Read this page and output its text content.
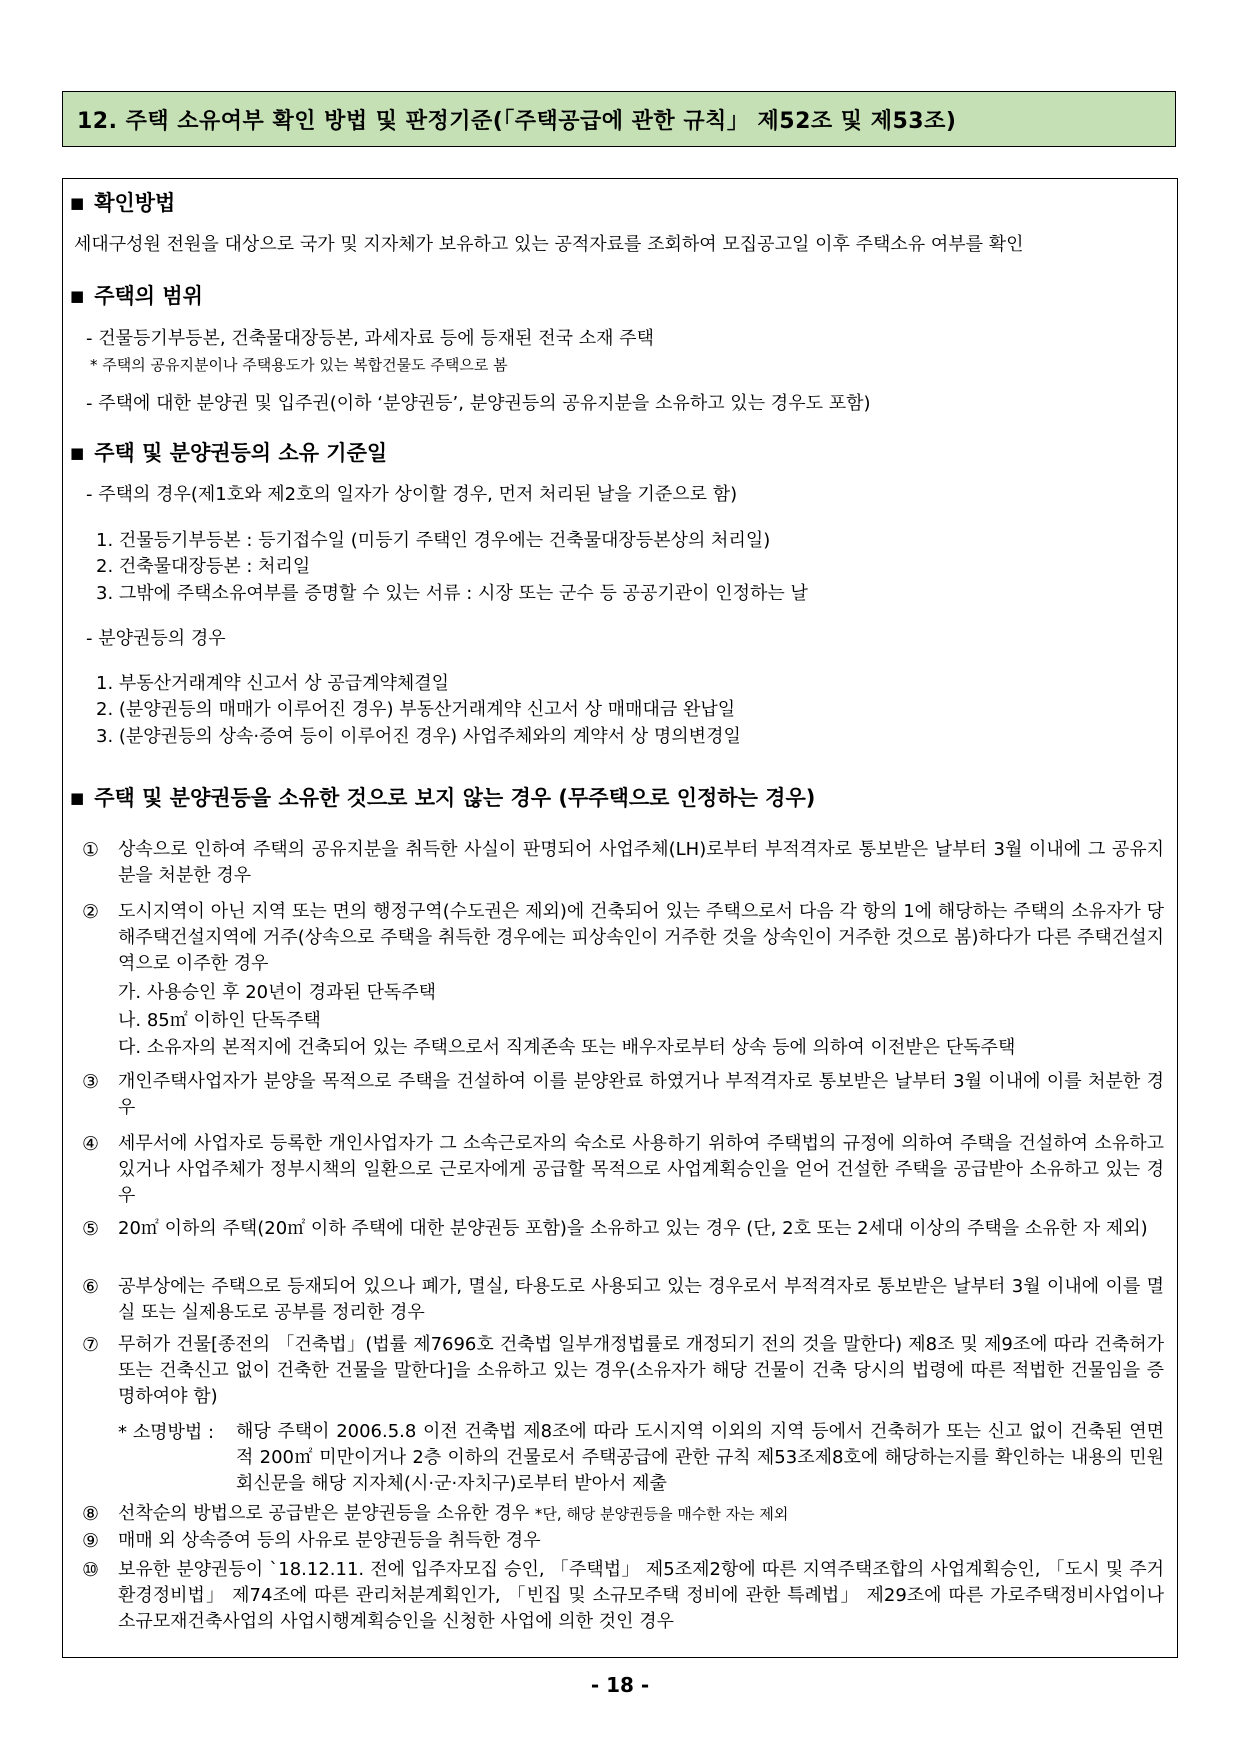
12. 주택 소유여부 확인 방법 및 판정기준(「주택공급에 관한 규칙」 제52조 및 제53조)
■ 확인방법
세대구성원 전원을 대상으로 국가 및 지자체가 보유하고 있는 공적자료를 조회하여 모집공고일 이후 주택소유 여부를 확인
■ 주택의 범위
- 건물등기부등본, 건축물대장등본, 과세자료 등에 등재된 전국 소재 주택
* 주택의 공유지분이나 주택용도가 있는 복합건물도 주택으로 봄
- 주택에 대한 분양권 및 입주권(이하 ‘분양권등’, 분양권등의 공유지분을 소유하고 있는 경우도 포함)
■ 주택 및 분양권등의 소유 기준일
- 주택의 경우(제1호와 제2호의 일자가 상이할 경우, 먼저 처리된 날을 기준으로 함)
1. 건물등기부등본 : 등기접수일 (미등기 주택인 경우에는 건축물대장등본상의 처리일)
2. 건축물대장등본 : 처리일
3. 그밖에 주택소유여부를 증명할 수 있는 서류 : 시장 또는 군수 등 공공기관이 인정하는 날
- 분양권등의 경우
1. 부동산거래계약 신고서 상 공급계약체결일
2. (분양권등의 매매가 이루어진 경우) 부동산거래계약 신고서 상 매매대금 완납일
3. (분양권등의 상속·증여 등이 이루어진 경우) 사업주체와의 계약서 상 명의변경일
■ 주택 및 분양권등을 소유한 것으로 보지 않는 경우 (무주택으로 인정하는 경우)
① 상속으로 인하여 주택의 공유지분을 취득한 사실이 판명되어 사업주체(LH)로부터 부적격자로 통보받은 날부터 3월 이내에 그 공유지분을 처분한 경우
② 도시지역이 아닌 지역 또는 면의 행정구역(수도권은 제외)에 건축되어 있는 주택으로서 다음 각 항의 1에 해당하는 주택의 소유자가 당해주택건설지역에 거주(상속으로 주택을 취득한 경우에는 피상속인이 거주한 것을 상속인이 거주한 것으로 봄)하다가 다른 주택건설지역으로 이주한 경우
가. 사용승인 후 20년이 경과된 단독주택
나. 85㎡ 이하인 단독주택
다. 소유자의 본적지에 건축되어 있는 주택으로서 직계존속 또는 배우자로부터 상속 등에 의하여 이전받은 단독주택
③ 개인주택사업자가 분양을 목적으로 주택을 건설하여 이를 분양완료 하였거나 부적격자로 통보받은 날부터 3월 이내에 이를 처분한 경우
④ 세무서에 사업자로 등록한 개인사업자가 그 소속근로자의 숙소로 사용하기 위하여 주택법의 규정에 의하여 주택을 건설하여 소유하고 있거나 사업주체가 정부시책의 일환으로 근로자에게 공급할 목적으로 사업계획승인을 얻어 건설한 주택을 공급받아 소유하고 있는 경우
⑤ 20㎡ 이하의 주택(20㎡ 이하 주택에 대한 분양권등 포함)을 소유하고 있는 경우 (단, 2호 또는 2세대 이상의 주택을 소유한 자 제외)
⑥ 공부상에는 주택으로 등재되어 있으나 폐가, 멸실, 타용도로 사용되고 있는 경우로서 부적격자로 통보받은 날부터 3월 이내에 이를 멸실 또는 실제용도로 공부를 정리한 경우
⑦ 무허가 건물[종전의 「건축법」(법률 제7696호 건축법 일부개정법률로 개정되기 전의 것을 말한다) 제8조 및 제9조에 따라 건축허가 또는 건축신고 없이 건축한 건물을 말한다]을 소유하고 있는 경우(소유자가 해당 건물이 건축 당시의 법령에 따른 적법한 건물임을 증명하여야 함)
* 소명방법 : 해당 주택이 2006.5.8 이전 건축법 제8조에 따라 도시지역 이외의 지역 등에서 건축허가 또는 신고 없이 건축된 연면적 200㎡ 미만이거나 2층 이하의 건물로서 주택공급에 관한 규칙 제53조제8호에 해당하는지를 확인하는 내용의 민원회신문을 해당 지자체(시·군·자치구)로부터 받아서 제출
⑧ 선착순의 방법으로 공급받은 분양권등을 소유한 경우 *단, 해당 분양권등을 매수한 자는 제외
⑨ 매매 외 상속증여 등의 사유로 분양권등을 취득한 경우
⑩ 보유한 분양권등이 `18.12.11. 전에 입주자모집 승인, 「주택법」 제5조제2항에 따른 지역주택조합의 사업계획승인, 「도시 및 주거환경정비법」 제74조에 따른 관리처분계획인가, 「빈집 및 소규모주택 정비에 관한 특례법」 제29조에 따른 가로주택정비사업이나 소규모재건축사업의 사업시행계획승인을 신청한 사업에 의한 것인 경우
- 18 -
